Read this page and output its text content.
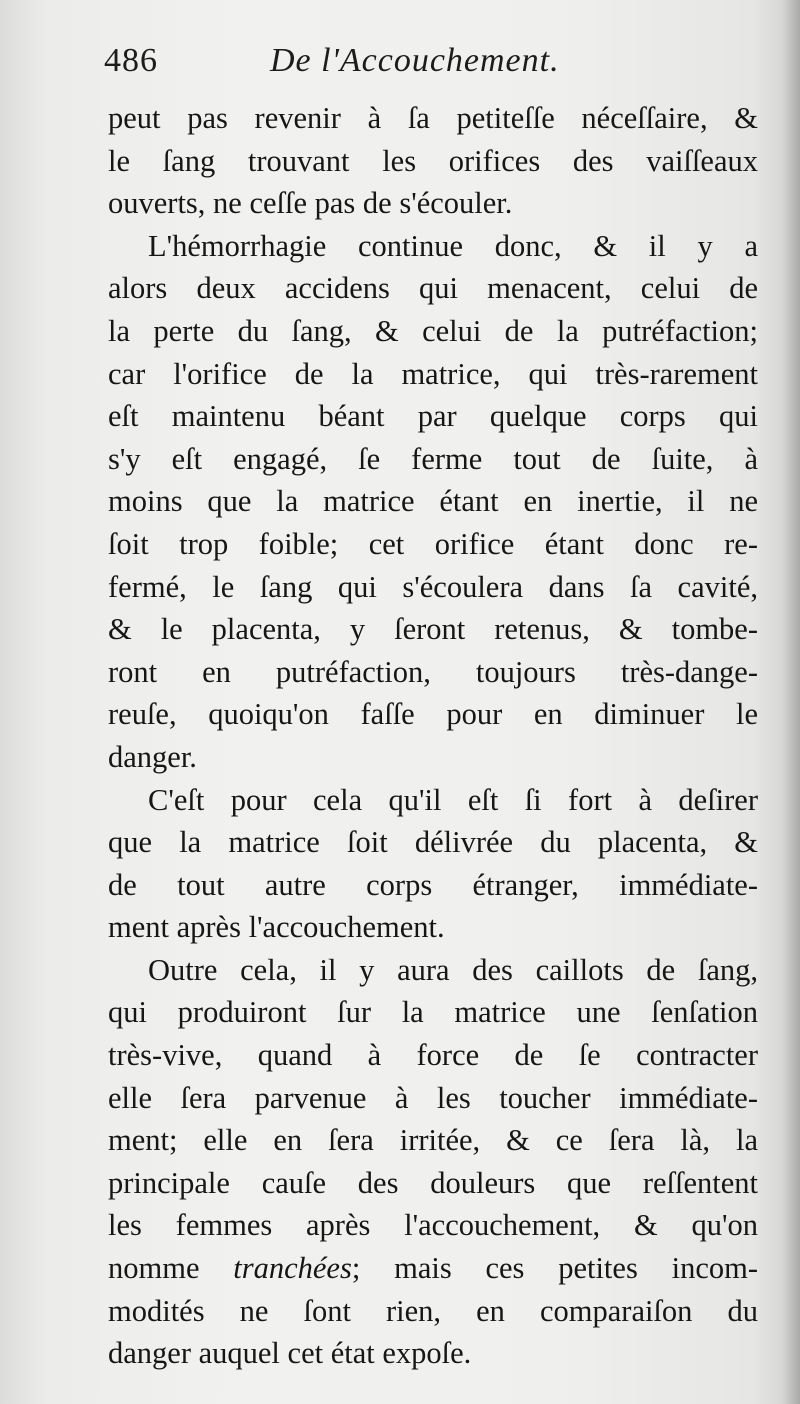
486	De l'Accouchement.
peut pas revenir à ſa petiteſſe néceſſaire, &
le ſang trouvant les orifices des vaiſſeaux
ouverts, ne ceſſe pas de s'écouler.
L'hémorrhagie continue donc, & il y a
alors deux accidens qui menacent, celui de
la perte du ſang, & celui de la putréfaction;
car l'orifice de la matrice, qui très-rarement
eſt maintenu béant par quelque corps qui
s'y eſt engagé, ſe ferme tout de ſuite, à
moins que la matrice étant en inertie, il ne
ſoit trop foible; cet orifice étant donc re-
fermé, le ſang qui s'écoulera dans ſa cavité,
& le placenta, y ſeront retenus, & tombe-
ront en putréfaction, toujours très-dange-
reuſe, quoiqu'on faſſe pour en diminuer le
danger.
C'eſt pour cela qu'il eſt ſi fort à deſirer
que la matrice ſoit délivrée du placenta, &
de tout autre corps étranger, immédiate-
ment après l'accouchement.
Outre cela, il y aura des caillots de ſang,
qui produiront ſur la matrice une ſenſation
très-vive, quand à force de ſe contracter
elle ſera parvenue à les toucher immédiate-
ment; elle en ſera irritée, & ce ſera là, la
principale cauſe des douleurs que reſſentent
les femmes après l'accouchement, & qu'on
nomme tranchées; mais ces petites incom-
modités ne ſont rien, en comparaiſon du
danger auquel cet état expoſe.
